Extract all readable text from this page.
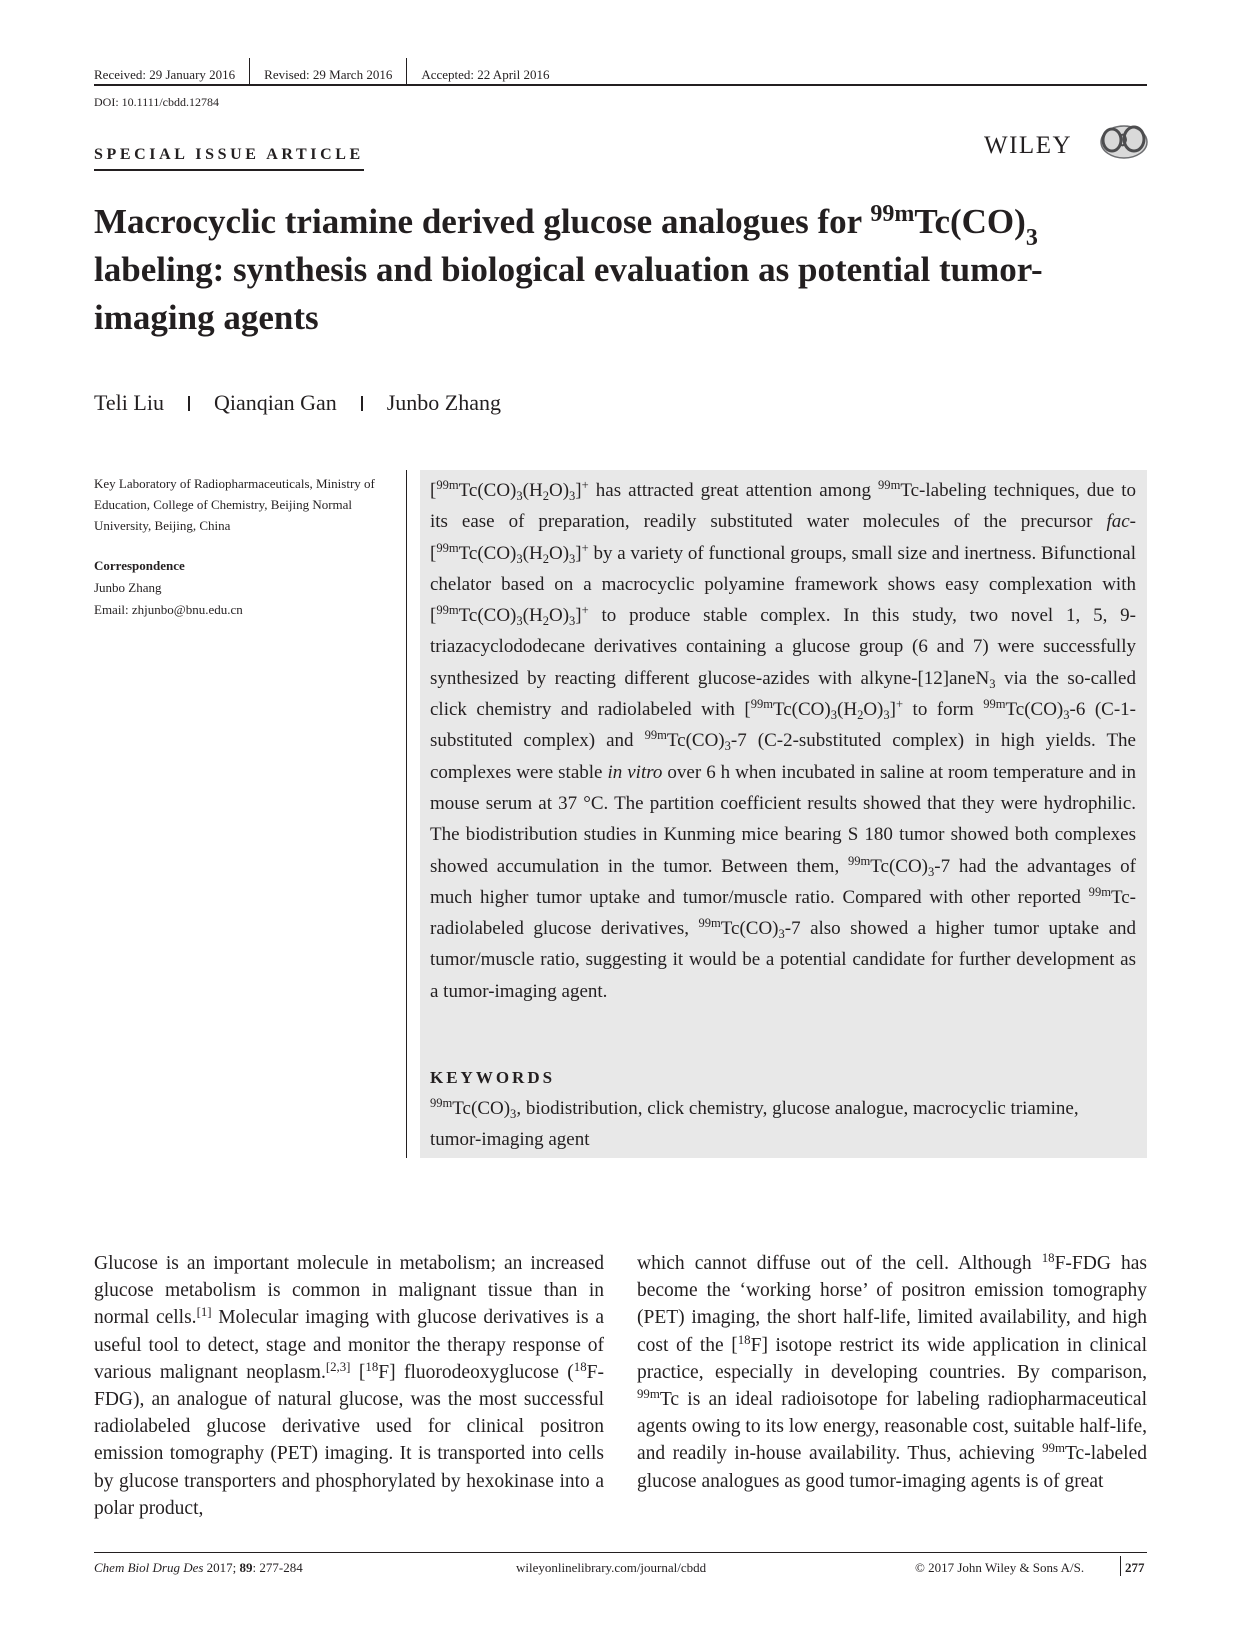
Received: 29 January 2016 Revised: 29 March 2016 Accepted: 22 April 2016
DOI: 10.1111/cbdd.12784
SPECIAL ISSUE ARTICLE	WILEY
Macrocyclic triamine derived glucose analogues for $^{99m}Tc(CO)_3$ labeling: synthesis and biological evaluation as potential tumor-imaging agents
Teli Liu Qianqian Gan Junbo Zhang
Key Laboratory of Radiopharmaceuticals, Ministry of Education, College of Chemistry, Beijing Normal University, Beijing, China
Correspondence
Junbo Zhang
Email: zhjunbo@bnu.edu.cn

$[^{99m}Tc(CO)_3(H_2O)_3]^+$ has attracted great attention among $^{99m}$Tc-labeling techniques, due to its ease of preparation, readily substituted water molecules of the precursor fac-$[^{99m}Tc(CO)_3(H_2O)_3]^+$ by a variety of functional groups, small size and inertness. Bifunctional chelator based on a macrocyclic polyamine framework shows easy complexation with $[^{99m}Tc(CO)_3(H_2O)_3]^+$ to produce stable complex. In this study, two novel 1, 5, 9-triazacyclododecane derivatives containing a glucose group (6 and 7) were successfully synthesized by reacting different glucose-azides with alkyne-[12]aneN$_3$ via the so-called click chemistry and radiolabeled with $[^{99m}Tc(CO)_3(H_2O)_3]^+$ to form $^{99m}Tc(CO)_3-6$ (C-1-substituted complex) and $^{99m}Tc(CO)_3-7$ (C-2-substituted complex) in high yields. The complexes were stable in vitro over 6 h when incubated in saline at room temperature and in mouse serum at 37 °C. The partition coefficient results showed that they were hydrophilic. The biodistribution studies in Kunming mice bearing S 180 tumor showed both complexes showed accumulation in the tumor. Between them, $^{99m}Tc(CO)_3-7$ had the advantages of much higher tumor uptake and tumor/muscle ratio. Compared with other reported $^{99m}$Tc-radiolabeled glucose derivatives, $^{99m}Tc(CO)_3-7$ also showed a higher tumor uptake and tumor/muscle ratio, suggesting it would be a potential candidate for further development as a tumor-imaging agent.

KEYWORDS

$^{99m}Tc(CO)_3$, biodistribution, click chemistry, glucose analogue, macrocyclic triamine, tumor-imaging agent

Glucose is an important molecule in metabolism; an increased glucose metabolism is common in malignant tissue than in normal cells.[1] Molecular imaging with glucose derivatives is a useful tool to detect, stage and monitor the therapy response of various malignant neoplasm.[2,3] [$^{18}$F] fluorodeoxyglucose ($^{18}$F-FDG), an analogue of natural glucose, was the most successful radiolabeled glucose derivative used for clinical positron emission tomography (PET) imaging. It is transported into cells by glucose transporters and phosphorylated by hexokinase into a polar product,

which cannot diffuse out of the cell. Although $^{18}$F-FDG has become the ‘working horse’ of positron emission tomography (PET) imaging, the short half-life, limited availability, and high cost of the [$^{18}$F] isotope restrict its wide application in clinical practice, especially in developing countries. By comparison, $^{99m}$Tc is an ideal radioisotope for labeling radiopharmaceutical agents owing to its low energy, reasonable cost, suitable half-life, and readily in-house availability. Thus, achieving $^{99m}$Tc-labeled glucose analogues as good tumor-imaging agents is of great

Chem Biol Drug Des 2017; 89: 277-284	wileyonlinelibrary.com/journal/cbdd	© 2017 John Wiley & Sons A/S.	277
